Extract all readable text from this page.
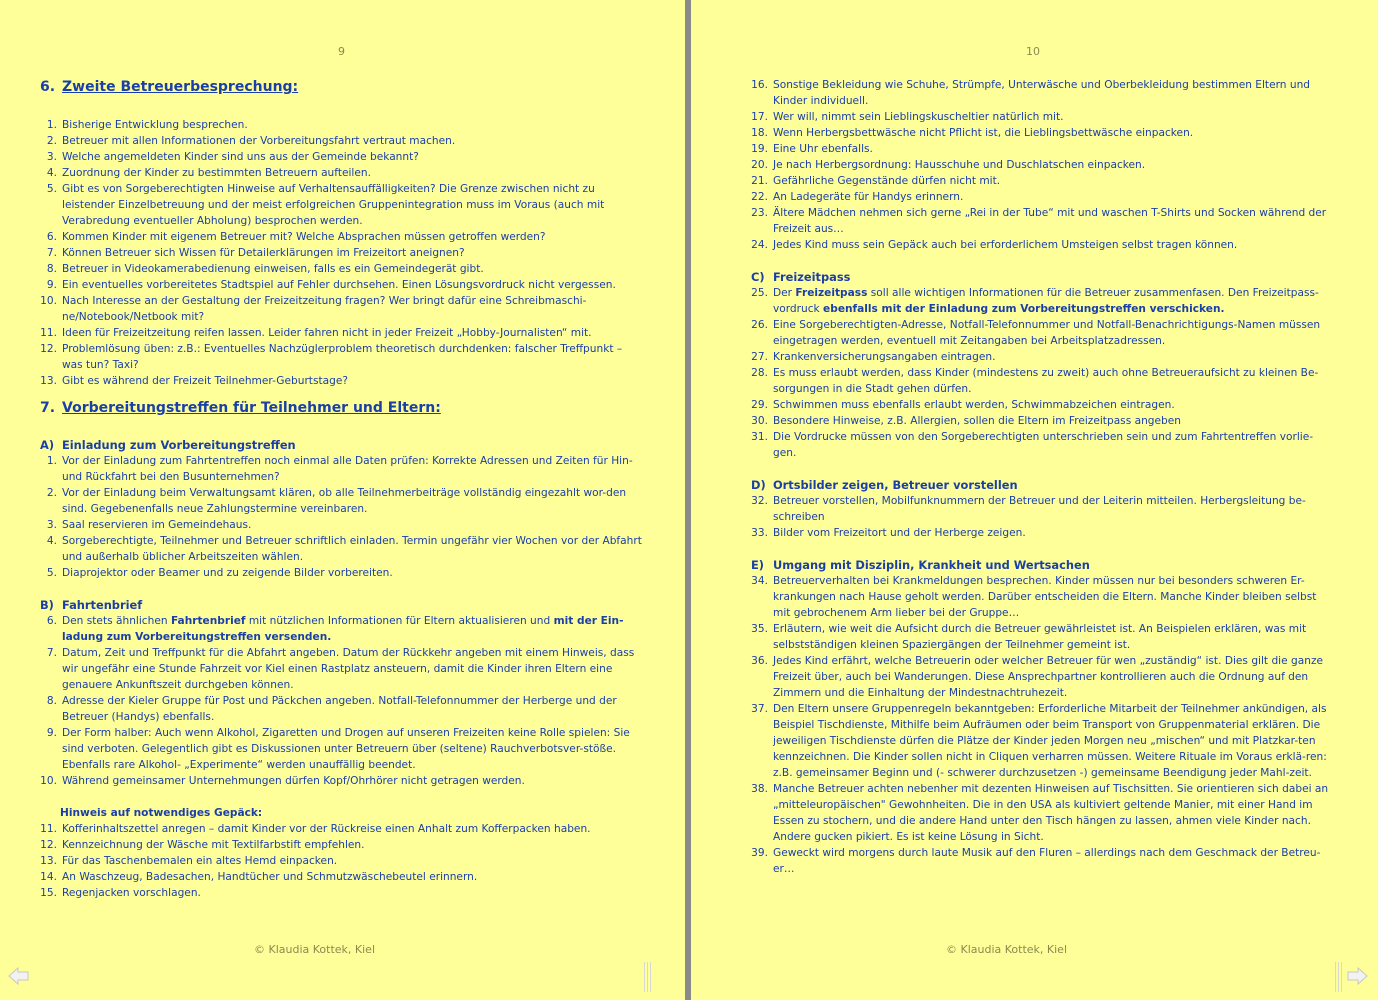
9
6. Zweite Betreuerbesprechung:
1. Bisherige Entwicklung besprechen.
2. Betreuer mit allen Informationen der Vorbereitungsfahrt vertraut machen.
3. Welche angemeldeten Kinder sind uns aus der Gemeinde bekannt?
4. Zuordnung der Kinder zu bestimmten Betreuern aufteilen.
5. Gibt es von Sorgeberechtigten Hinweise auf Verhaltensauffälligkeiten? Die Grenze zwischen nicht zu leistender Einzelbetreuung und der meist erfolgreichen Gruppenintegration muss im Voraus (auch mit Verabredung eventueller Abholung) besprochen werden.
6. Kommen Kinder mit eigenem Betreuer mit? Welche Absprachen müssen getroffen werden?
7. Können Betreuer sich Wissen für Detailerklärungen im Freizeitort aneignen?
8. Betreuer in Videokamerabedienung einweisen, falls es ein Gemeindegerät gibt.
9. Ein eventuelles vorbereitetes Stadtspiel auf Fehler durchsehen. Einen Lösungsvordruck nicht vergessen.
10. Nach Interesse an der Gestaltung der Freizeitzeitung fragen? Wer bringt dafür eine Schreibmaschi-ne/Notebook/Netbook mit?
11. Ideen für Freizeitzeitung reifen lassen. Leider fahren nicht in jeder Freizeit „Hobby-Journalisten“ mit.
12. Problemlösung üben: z.B.: Eventuelles Nachzüglerproblem theoretisch durchdenken: falscher Treffpunkt – was tun? Taxi?
13. Gibt es während der Freizeit Teilnehmer-Geburtstage?
7. Vorbereitungstreffen für Teilnehmer und Eltern:
A) Einladung zum Vorbereitungstreffen
1. Vor der Einladung zum Fahrtentreffen noch einmal alle Daten prüfen: Korrekte Adressen und Zeiten für Hin- und Rückfahrt bei den Busunternehmen?
2. Vor der Einladung beim Verwaltungsamt klären, ob alle Teilnehmerbeiträge vollständig eingezahlt wor-den sind. Gegebenenfalls neue Zahlungstermine vereinbaren.
3. Saal reservieren im Gemeindehaus.
4. Sorgeberechtigte, Teilnehmer und Betreuer schriftlich einladen. Termin ungefähr vier Wochen vor der Abfahrt und außerhalb üblicher Arbeitszeiten wählen.
5. Diaprojektor oder Beamer und zu zeigende Bilder vorbereiten.
B) Fahrtenbrief
6. Den stets ähnlichen Fahrtenbrief mit nützlichen Informationen für Eltern aktualisieren und mit der Ein-ladung zum Vorbereitungstreffen versenden.
7. Datum, Zeit und Treffpunkt für die Abfahrt angeben. Datum der Rückkehr angeben mit einem Hinweis, dass wir ungefähr eine Stunde Fahrzeit vor Kiel einen Rastplatz ansteuern, damit die Kinder ihren Eltern eine genauere Ankunftszeit durchgeben können.
8. Adresse der Kieler Gruppe für Post und Päckchen angeben. Notfall-Telefonnummer der Herberge und der Betreuer (Handys) ebenfalls.
9. Der Form halber: Auch wenn Alkohol, Zigaretten und Drogen auf unseren Freizeiten keine Rolle spielen: Sie sind verboten. Gelegentlich gibt es Diskussionen unter Betreuern über (seltene) Rauchverbotsver-stöße. Ebenfalls rare Alkohol- „Experimente“ werden unauffällig beendet.
10. Während gemeinsamer Unternehmungen dürfen Kopf/Ohrhörer nicht getragen werden.
Hinweis auf notwendiges Gepäck:
11. Kofferinhaltszettel anregen – damit Kinder vor der Rückreise einen Anhalt zum Kofferpacken haben.
12. Kennzeichnung der Wäsche mit Textilfarbstift empfehlen.
13. Für das Taschenbemalen ein altes Hemd einpacken.
14. An Waschzeug, Badesachen, Handtücher und Schmutzwäschebeutel erinnern.
15. Regenjacken vorschlagen.
© Klaudia Kottek, Kiel
10
16. Sonstige Bekleidung wie Schuhe, Strümpfe, Unterwäsche und Oberbekleidung bestimmen Eltern und Kinder individuell.
17. Wer will, nimmt sein Lieblingskuscheltier natürlich mit.
18. Wenn Herbergsbettwäsche nicht Pflicht ist, die Lieblingsbettwäsche einpacken.
19. Eine Uhr ebenfalls.
20. Je nach Herbergsordnung: Hausschuhe und Duschlatschen einpacken.
21. Gefährliche Gegenstände dürfen nicht mit.
22. An Ladegeräte für Handys erinnern.
23. Ältere Mädchen nehmen sich gerne „Rei in der Tube“ mit und waschen T-Shirts und Socken während der Freizeit aus…
24. Jedes Kind muss sein Gepäck auch bei erforderlichem Umsteigen selbst tragen können.
C) Freizeitpass
25. Der Freizeitpass soll alle wichtigen Informationen für die Betreuer zusammenfasen. Den Freizeitpass-vordruck ebenfalls mit der Einladung zum Vorbereitungstreffen verschicken.
26. Eine Sorgeberechtigten-Adresse, Notfall-Telefonnummer und Notfall-Benachrichtigungs-Namen müssen eingetragen werden, eventuell mit Zeitangaben bei Arbeitsplatzadressen.
27. Krankenversicherungsangaben eintragen.
28. Es muss erlaubt werden, dass Kinder (mindestens zu zweit) auch ohne Betreueraufsicht zu kleinen Be-sorgungen in die Stadt gehen dürfen.
29. Schwimmen muss ebenfalls erlaubt werden, Schwimmabzeichen eintragen.
30. Besondere Hinweise, z.B. Allergien, sollen die Eltern im Freizeitpass angeben
31. Die Vordrucke müssen von den Sorgeberechtigten unterschrieben sein und zum Fahrtentreffen vorlie-gen.
D) Ortsbilder zeigen, Betreuer vorstellen
32. Betreuer vorstellen, Mobilfunknummern der Betreuer und der Leiterin mitteilen. Herbergsleitung be-schreiben
33. Bilder vom Freizeitort und der Herberge zeigen.
E) Umgang mit Disziplin, Krankheit und Wertsachen
34. Betreuerverhalten bei Krankmeldungen besprechen. Kinder müssen nur bei besonders schweren Er-krankungen nach Hause geholt werden. Darüber entscheiden die Eltern. Manche Kinder bleiben selbst mit gebrochenem Arm lieber bei der Gruppe…
35. Erläutern, wie weit die Aufsicht durch die Betreuer gewährleistet ist. An Beispielen erklären, was mit selbstständigen kleinen Spaziergängen der Teilnehmer gemeint ist.
36. Jedes Kind erfährt, welche Betreuerin oder welcher Betreuer für wen „zuständig“ ist. Dies gilt die ganze Freizeit über, auch bei Wanderungen. Diese Ansprechpartner kontrollieren auch die Ordnung auf den Zimmern und die Einhaltung der Mindestnachtruhezeit.
37. Den Eltern unsere Gruppenregeln bekanntgeben: Erforderliche Mitarbeit der Teilnehmer ankündigen, als Beispiel Tischdienste, Mithilfe beim Aufräumen oder beim Transport von Gruppenmaterial erklären. Die jeweiligen Tischdienste dürfen die Plätze der Kinder jeden Morgen neu „mischen“ und mit Platzkar-ten kennzeichnen. Die Kinder sollen nicht in Cliquen verharren müssen. Weitere Rituale im Voraus erklä-ren: z.B. gemeinsamer Beginn und (- schwerer durchzusetzen -) gemeinsame Beendigung jeder Mahl-zeit.
38. Manche Betreuer achten nebenher mit dezenten Hinweisen auf Tischsitten. Sie orientieren sich dabei an „mitteleuropäischen" Gewohnheiten. Die in den USA als kultiviert geltende Manier, mit einer Hand im Essen zu stochern, und die andere Hand unter den Tisch hängen zu lassen, ahmen viele Kinder nach. Andere gucken pikiert. Es ist keine Lösung in Sicht.
39. Geweckt wird morgens durch laute Musik auf den Fluren – allerdings nach dem Geschmack der Betreu-er…
© Klaudia Kottek, Kiel
